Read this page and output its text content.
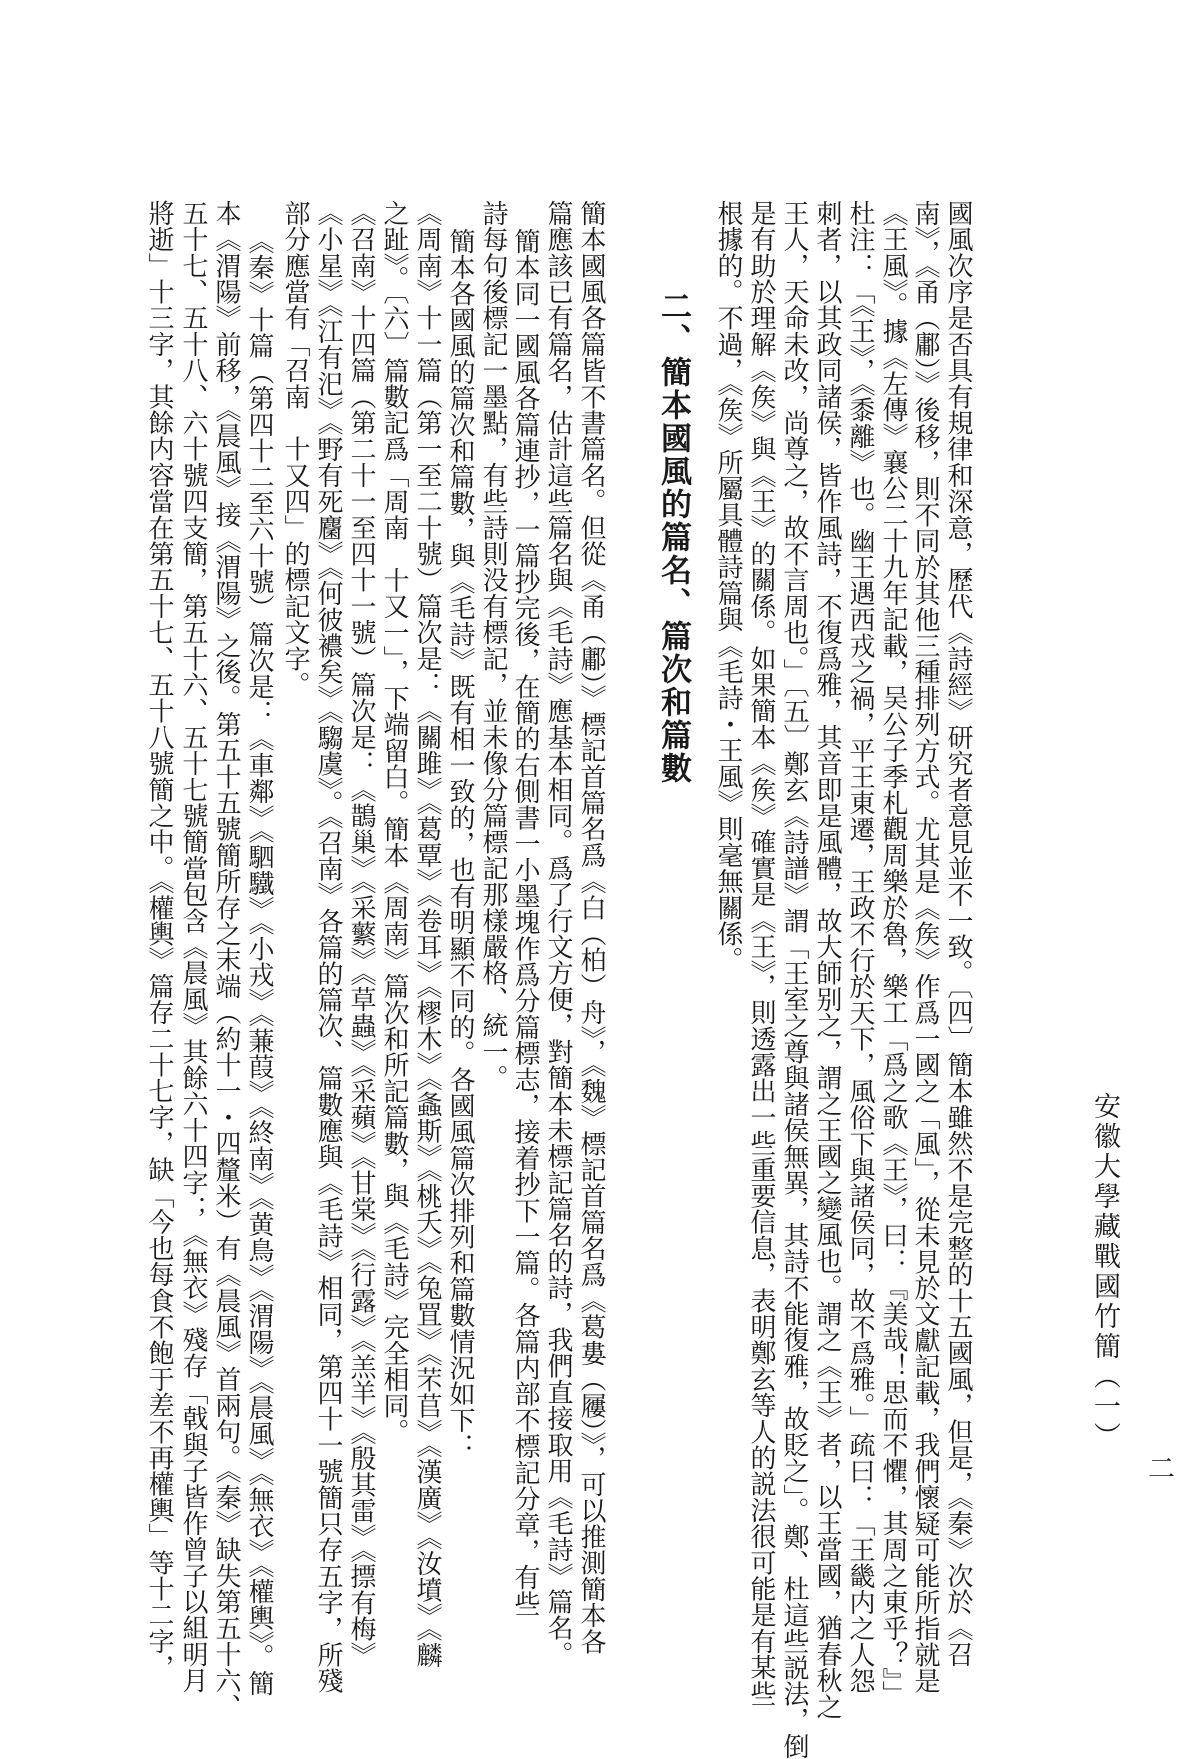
安徽大學藏戰國竹簡（一）
二
國風次序是否具有規律和深意，歷代《詩經》研究者意見並不一致。〔四〕簡本雖然不是完整的十五國風，但是，《秦》次於《召
南》，《甬（鄘）》後移，則不同於其他三種排列方式。尤其是《矦》作爲一國之「風」，從未見於文獻記載，我們懷疑可能所指就是
《王風》。據《左傳》襄公二十九年記載，吴公子季札觀周樂於魯，樂工「爲之歌《王》，曰：『美哉！思而不懼，其周之東乎？』」
杜注：「《王》，《黍離》也。幽王遇西戎之禍，平王東遷，王政不行於天下，風俗下與諸侯同，故不爲雅。」疏曰：「王畿内之人怨
刺者，以其政同諸侯，皆作風詩，不復爲雅，其音即是風體，故大師别之，謂之王國之變風也。謂之《王》者，以王當國，猶春秋之
王人，天命未改，尚尊之，故不言周也。」〔五〕鄭玄《詩譜》謂「王室之尊與諸侯無異，其詩不能復雅，故貶之」。鄭、杜這些説法，倒
是有助於理解《矦》與《王》的關係。如果簡本《矦》確實是《王》，則透露出一些重要信息，表明鄭玄等人的説法很可能是有某些
根據的。不過，《矦》所屬具體詩篇與《毛詩・王風》則毫無關係。
二、簡本國風的篇名、篇次和篇數
簡本國風各篇皆不書篇名。但從《甬（鄘）》標記首篇名爲《白（柏）舟》，《魏》標記首篇名爲《葛婁（屨）》，可以推測簡本各
篇應該已有篇名，估計這些篇名與《毛詩》應基本相同。爲了行文方便，對簡本未標記篇名的詩，我們直接取用《毛詩》篇名。
簡本同一國風各篇連抄，一篇抄完後，在簡的右側書一小墨塊作爲分篇標志，接着抄下一篇。各篇内部不標記分章，有些
詩每句後標記一墨點，有些詩則没有標記，並未像分篇標記那樣嚴格、統一。
簡本各國風的篇次和篇數，與《毛詩》既有相一致的，也有明顯不同的。各國風篇次排列和篇數情況如下：
《周南》十一篇（第一至二十號）篇次是：《關雎》《葛覃》《卷耳》《樛木》《螽斯》《桃夭》《兔罝》《芣苢》《漢廣》《汝墳》《麟
之趾》。〔六〕篇數記爲「周南　十又一」，下端留白。簡本《周南》篇次和所記篇數，與《毛詩》完全相同。
《召南》十四篇（第二十一至四十一號）篇次是：《鵲巢》《采蘩》《草蟲》《采蘋》《甘棠》《行露》《羔羊》《殷其雷》《摽有梅》
《小星》《江有汜》《野有死麕》《何彼襛矣》《騶虞》。《召南》各篇的篇次、篇數應與《毛詩》相同，第四十一號簡只存五字，所殘
部分應當有「召南　十又四」的標記文字。
《秦》十篇（第四十二至六十號）篇次是：《車鄰》《駟驖》《小戎》《蒹葭》《終南》《黄鳥》《渭陽》《晨風》《無衣》《權輿》。簡
本《渭陽》前移，《晨風》接《渭陽》之後。第五十五號簡所存之末端（約十一・四釐米）有《晨風》首兩句。《秦》缺失第五十六、
五十七、五十八、六十號四支簡，第五十六、五十七號簡當包含《晨風》其餘六十四字；《無衣》殘存「戟與子皆作曾子以組明月
將逝」十三字，其餘内容當在第五十七、五十八號簡之中。《權輿》篇存二十七字，缺「今也每食不飽于差不再權輿」等十二字，
